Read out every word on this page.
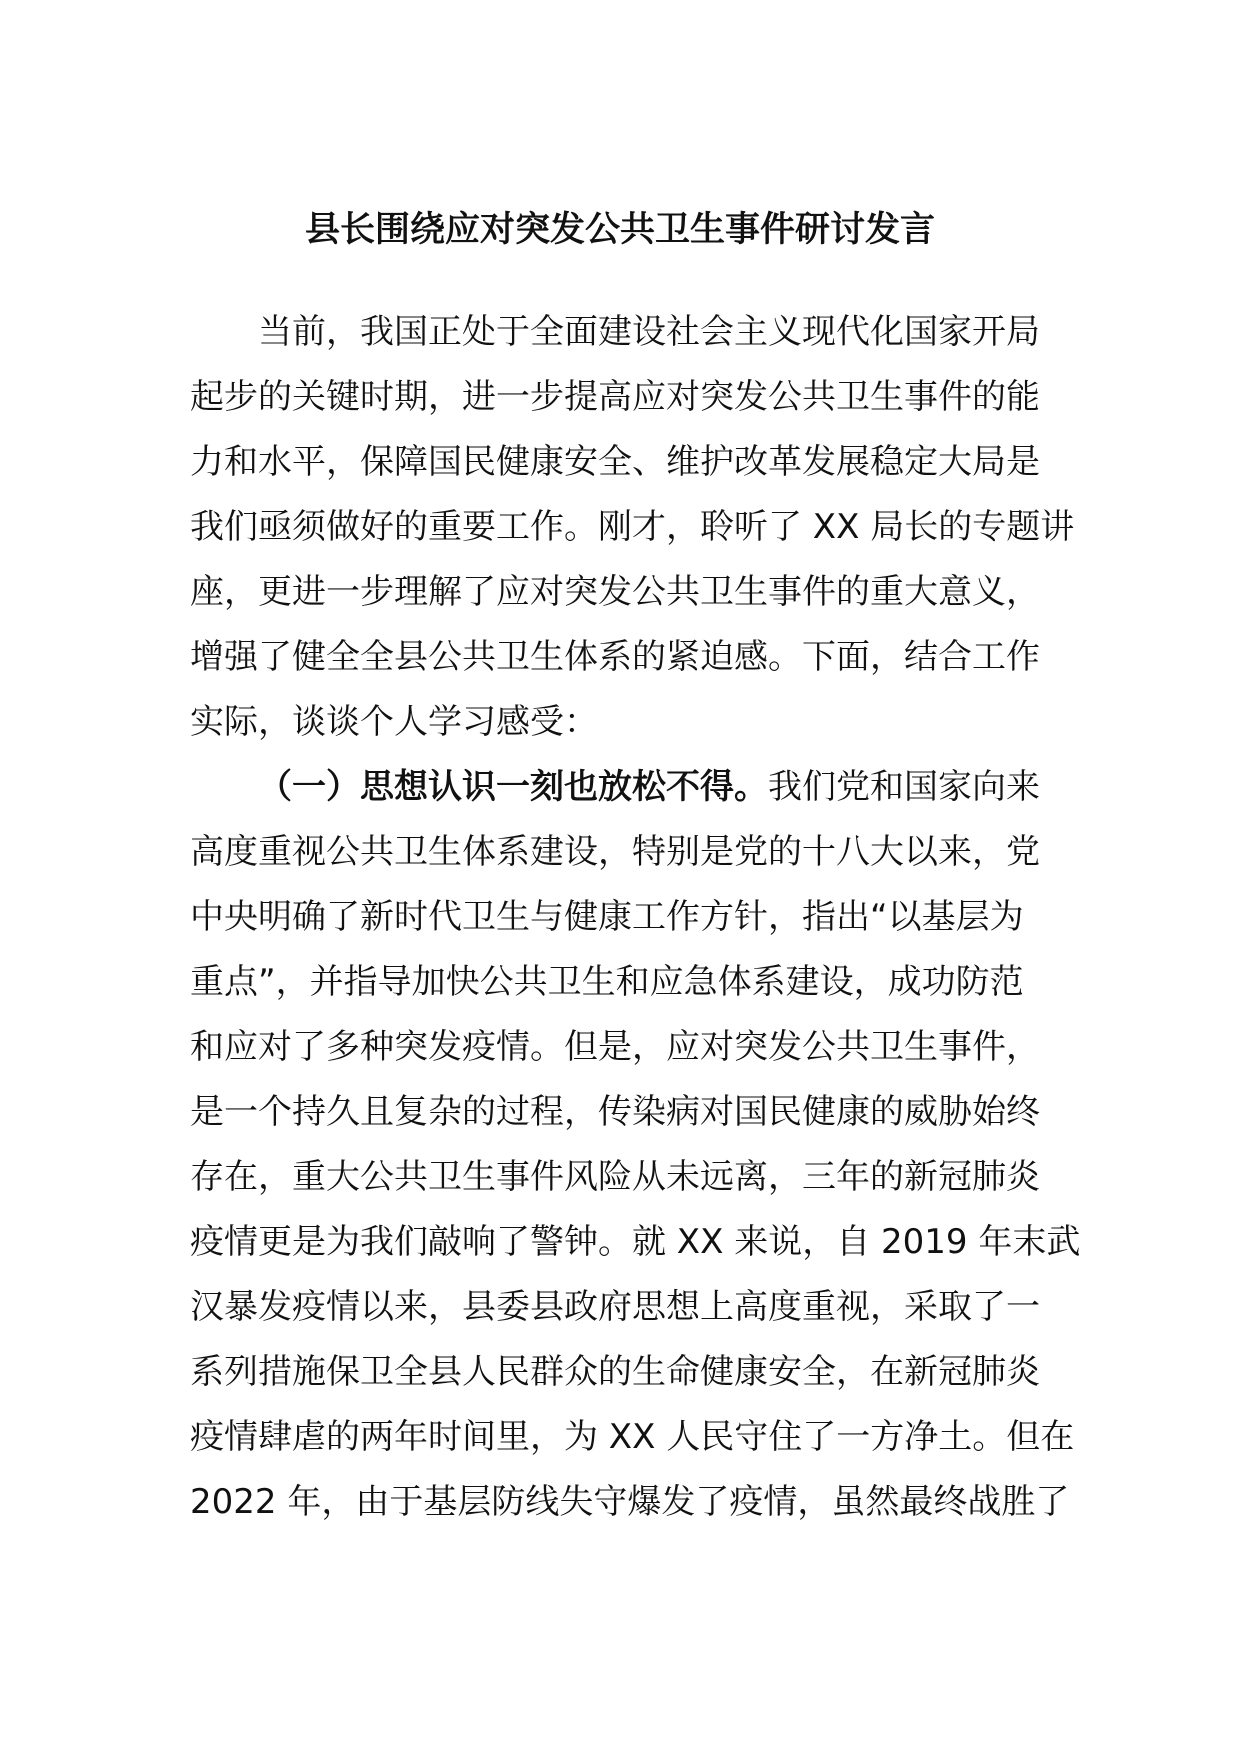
县长围绕应对突发公共卫生事件研讨发言
当前，我国正处于全面建设社会主义现代化国家开局
起步的关键时期，进一步提高应对突发公共卫生事件的能
力和水平，保障国民健康安全、维护改革发展稳定大局是
我们亟须做好的重要工作。刚才，聆听了 XX 局长的专题讲
座，更进一步理解了应对突发公共卫生事件的重大意义，
增强了健全全县公共卫生体系的紧迫感。下面，结合工作
实际，谈谈个人学习感受：
（一）思想认识一刻也放松不得。我们党和国家向来
高度重视公共卫生体系建设，特别是党的十八大以来，党
中央明确了新时代卫生与健康工作方针，指出“以基层为
重点”，并指导加快公共卫生和应急体系建设，成功防范
和应对了多种突发疫情。但是，应对突发公共卫生事件，
是一个持久且复杂的过程，传染病对国民健康的威胁始终
存在，重大公共卫生事件风险从未远离，三年的新冠肺炎
疫情更是为我们敲响了警钟。就 XX 来说，自 2019 年末武
汉暴发疫情以来，县委县政府思想上高度重视，采取了一
系列措施保卫全县人民群众的生命健康安全，在新冠肺炎
疫情肆虐的两年时间里，为 XX 人民守住了一方净土。但在
2022 年，由于基层防线失守爆发了疫情，虽然最终战胜了
